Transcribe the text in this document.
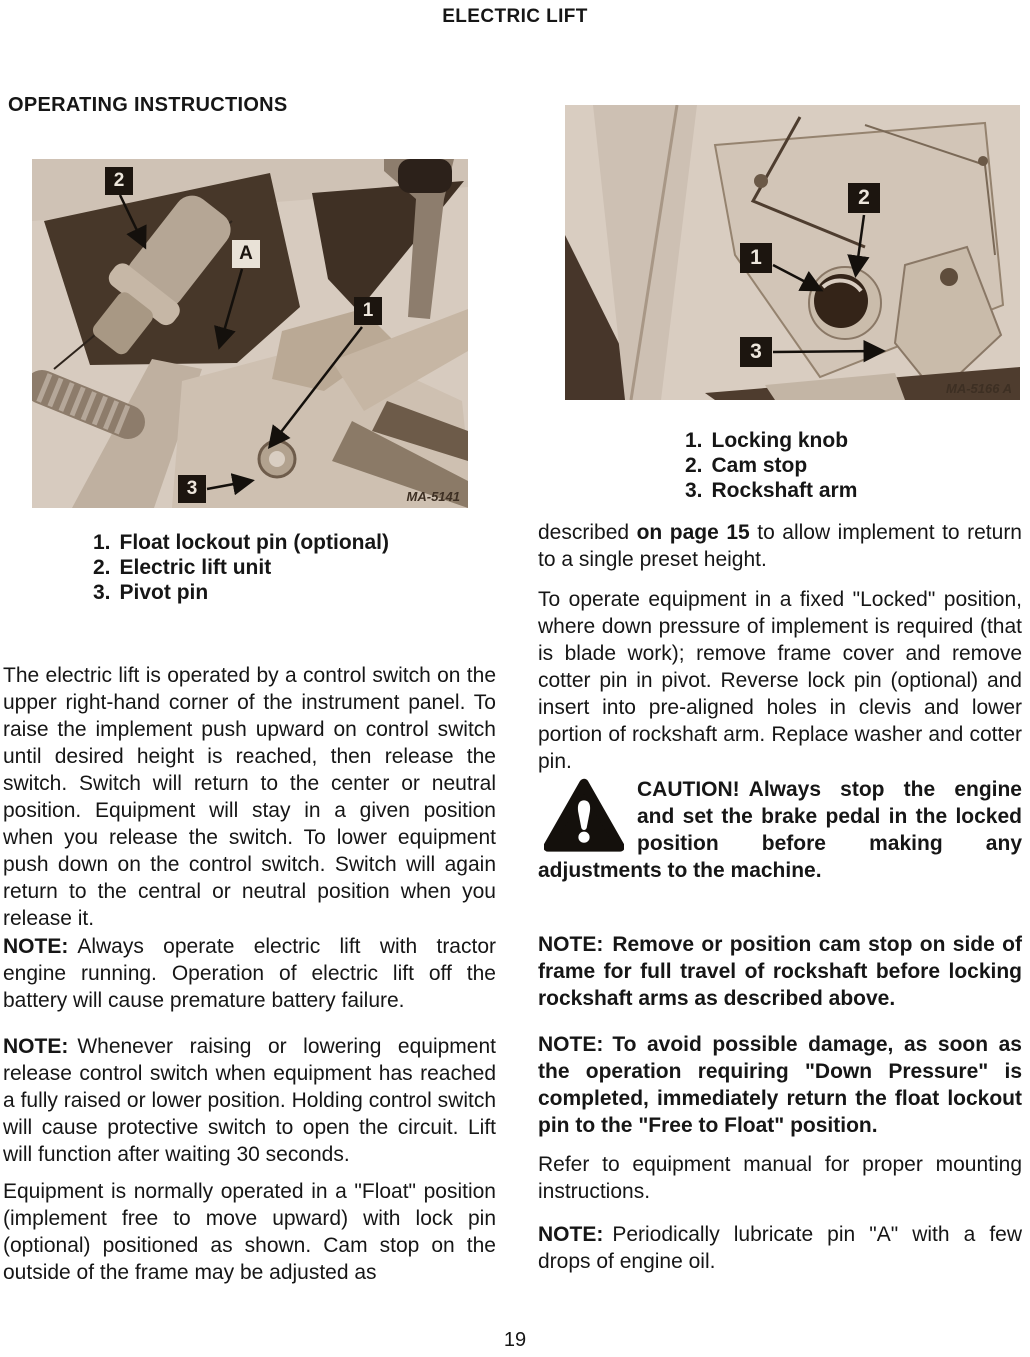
ELECTRIC LIFT
OPERATING INSTRUCTIONS
2
A
1
3	MA-5141
2
1
3
MA-5166 A
1. Locking knob
2. Cam stop
3. Rockshaft arm
1. Float lockout pin (optional)
2. Electric lift unit
3. Pivot pin

described on page 15 to allow implement to return to a single preset height.

To operate equipment in a fixed "Locked" position, where down pressure of implement is required (that is blade work); remove frame cover and remove cotter pin in pivot. Reverse lock pin (optional) and insert into pre-aligned holes in clevis and lower portion of rockshaft arm. Replace washer and cotter pin.

CAUTION! Always stop the engine and set the brake pedal in the locked position before making any adjustments to the machine.

NOTE: Remove or position cam stop on side of frame for full travel of rockshaft before locking rockshaft arms as described above.

NOTE: To avoid possible damage, as soon as the operation requiring "Down Pressure" is completed, immediately return the float lockout pin to the "Free to Float" position.

Refer to equipment manual for proper mounting instructions.

NOTE: Periodically lubricate pin "A" with a few drops of engine oil.

The electric lift is operated by a control switch on the upper right-hand corner of the instrument panel. To raise the implement push upward on control switch until desired height is reached, then release the switch. Switch will return to the center or neutral position. Equipment will stay in a given position when you release the switch. To lower equipment push down on the control switch. Switch will again return to the central or neutral position when you release it.

NOTE: Always operate electric lift with tractor engine running. Operation of electric lift off the battery will cause premature battery failure.

NOTE: Whenever raising or lowering equipment release control switch when equipment has reached a fully raised or lower position. Holding control switch will cause protective switch to open the circuit. Lift will function after waiting 30 seconds.

Equipment is normally operated in a "Float" position (implement free to move upward) with lock pin (optional) positioned as shown. Cam stop on the outside of the frame may be adjusted as

19
